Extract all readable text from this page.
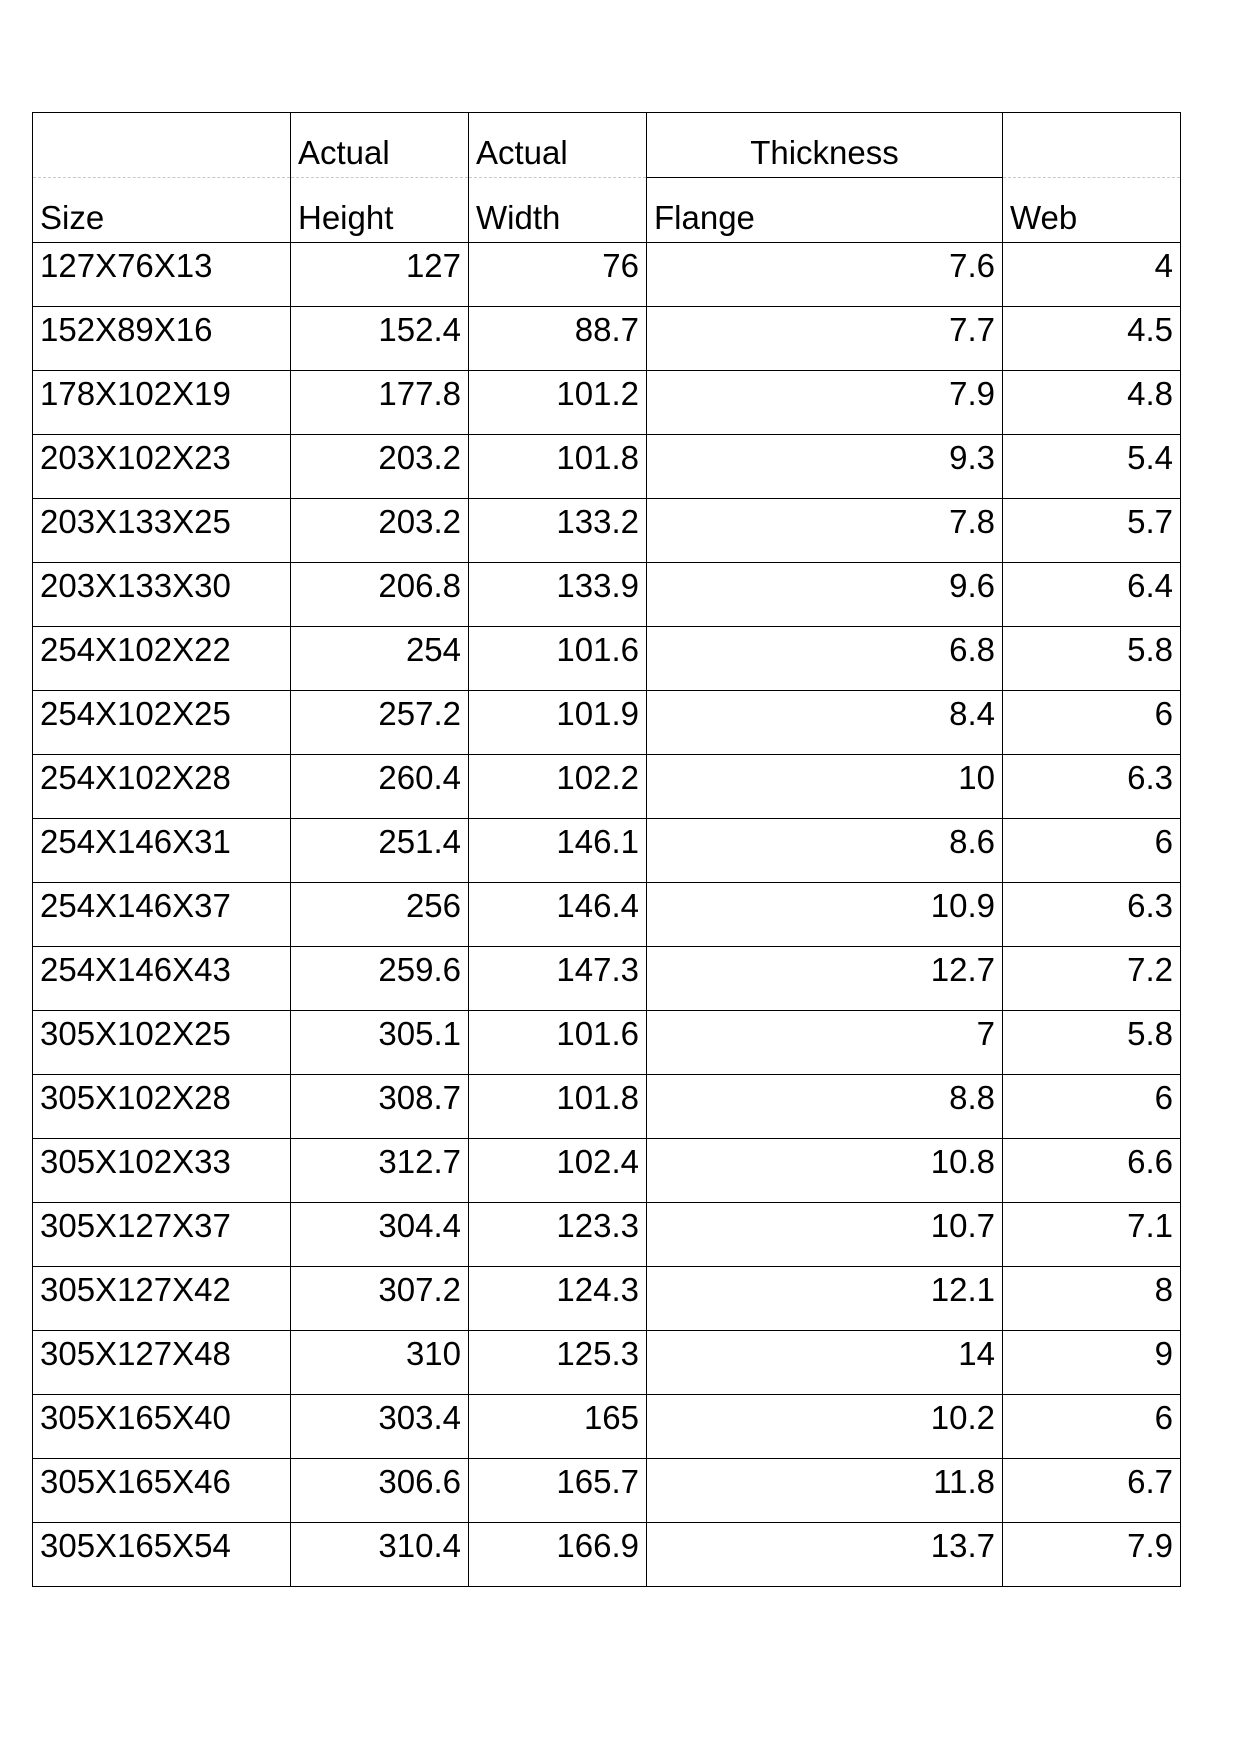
	Actual	Actual	Thickness	
Size	Height	Width	Flange	Web
127X76X13	127	76	7.6	4
152X89X16	152.4	88.7	7.7	4.5
178X102X19	177.8	101.2	7.9	4.8
203X102X23	203.2	101.8	9.3	5.4
203X133X25	203.2	133.2	7.8	5.7
203X133X30	206.8	133.9	9.6	6.4
254X102X22	254	101.6	6.8	5.8
254X102X25	257.2	101.9	8.4	6
254X102X28	260.4	102.2	10	6.3
254X146X31	251.4	146.1	8.6	6
254X146X37	256	146.4	10.9	6.3
254X146X43	259.6	147.3	12.7	7.2
305X102X25	305.1	101.6	7	5.8
305X102X28	308.7	101.8	8.8	6
305X102X33	312.7	102.4	10.8	6.6
305X127X37	304.4	123.3	10.7	7.1
305X127X42	307.2	124.3	12.1	8
305X127X48	310	125.3	14	9
305X165X40	303.4	165	10.2	6
305X165X46	306.6	165.7	11.8	6.7
305X165X54	310.4	166.9	13.7	7.9
